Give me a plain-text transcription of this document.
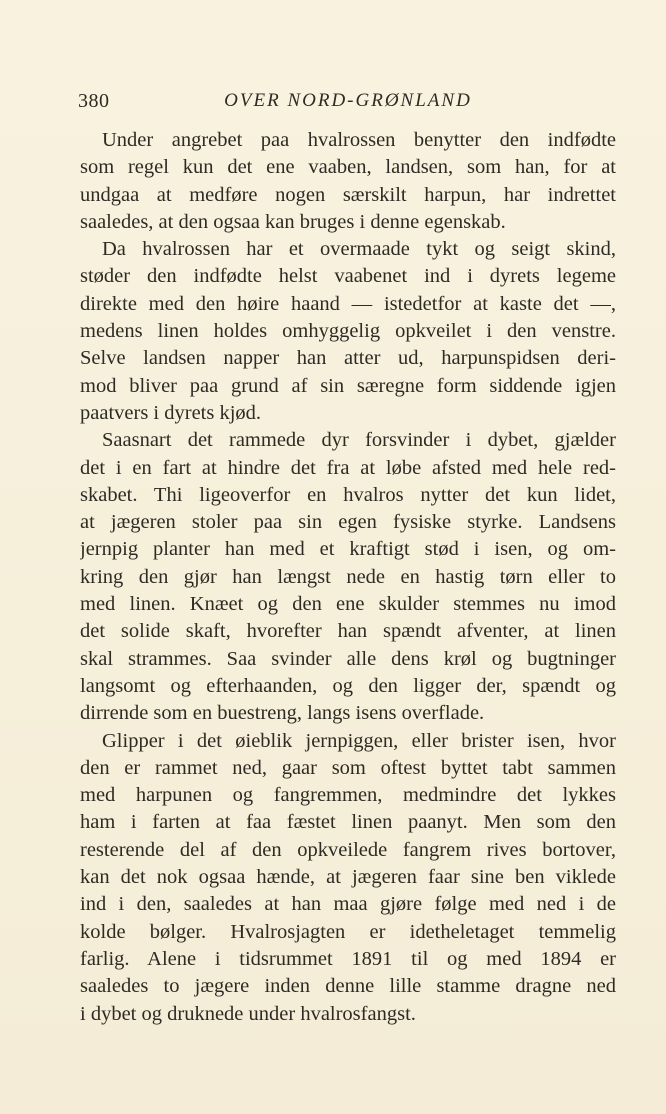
380	OVER NORD-GRØNLAND
Under angrebet paa hvalrossen benytter den indfødte
som regel kun det ene vaaben, landsen, som han, for at
undgaa at medføre nogen særskilt harpun, har indrettet
saaledes, at den ogsaa kan bruges i denne egenskab.
Da hvalrossen har et overmaade tykt og seigt skind,
støder den indfødte helst vaabenet ind i dyrets legeme
direkte med den høire haand — istedetfor at kaste det —,
medens linen holdes omhyggelig opkveilet i den venstre.
Selve landsen napper han atter ud, harpunspidsen deri-
mod bliver paa grund af sin særegne form siddende igjen
paatvers i dyrets kjød.
Saasnart det rammede dyr forsvinder i dybet, gjælder
det i en fart at hindre det fra at løbe afsted med hele red-
skabet. Thi ligeoverfor en hvalros nytter det kun lidet,
at jægeren stoler paa sin egen fysiske styrke. Landsens
jernpig planter han med et kraftigt stød i isen, og om-
kring den gjør han længst nede en hastig tørn eller to
med linen. Knæet og den ene skulder stemmes nu imod
det solide skaft, hvorefter han spændt afventer, at linen
skal strammes. Saa svinder alle dens krøl og bugtninger
langsomt og efterhaanden, og den ligger der, spændt og
dirrende som en buestreng, langs isens overflade.
Glipper i det øieblik jernpiggen, eller brister isen, hvor
den er rammet ned, gaar som oftest byttet tabt sammen
med harpunen og fangremmen, medmindre det lykkes
ham i farten at faa fæstet linen paanyt. Men som den
resterende del af den opkveilede fangrem rives bortover,
kan det nok ogsaa hænde, at jægeren faar sine ben viklede
ind i den, saaledes at han maa gjøre følge med ned i de
kolde bølger. Hvalrosjagten er idetheletaget temmelig
farlig. Alene i tidsrummet 1891 til og med 1894 er
saaledes to jægere inden denne lille stamme dragne ned
i dybet og druknede under hvalrosfangst.
